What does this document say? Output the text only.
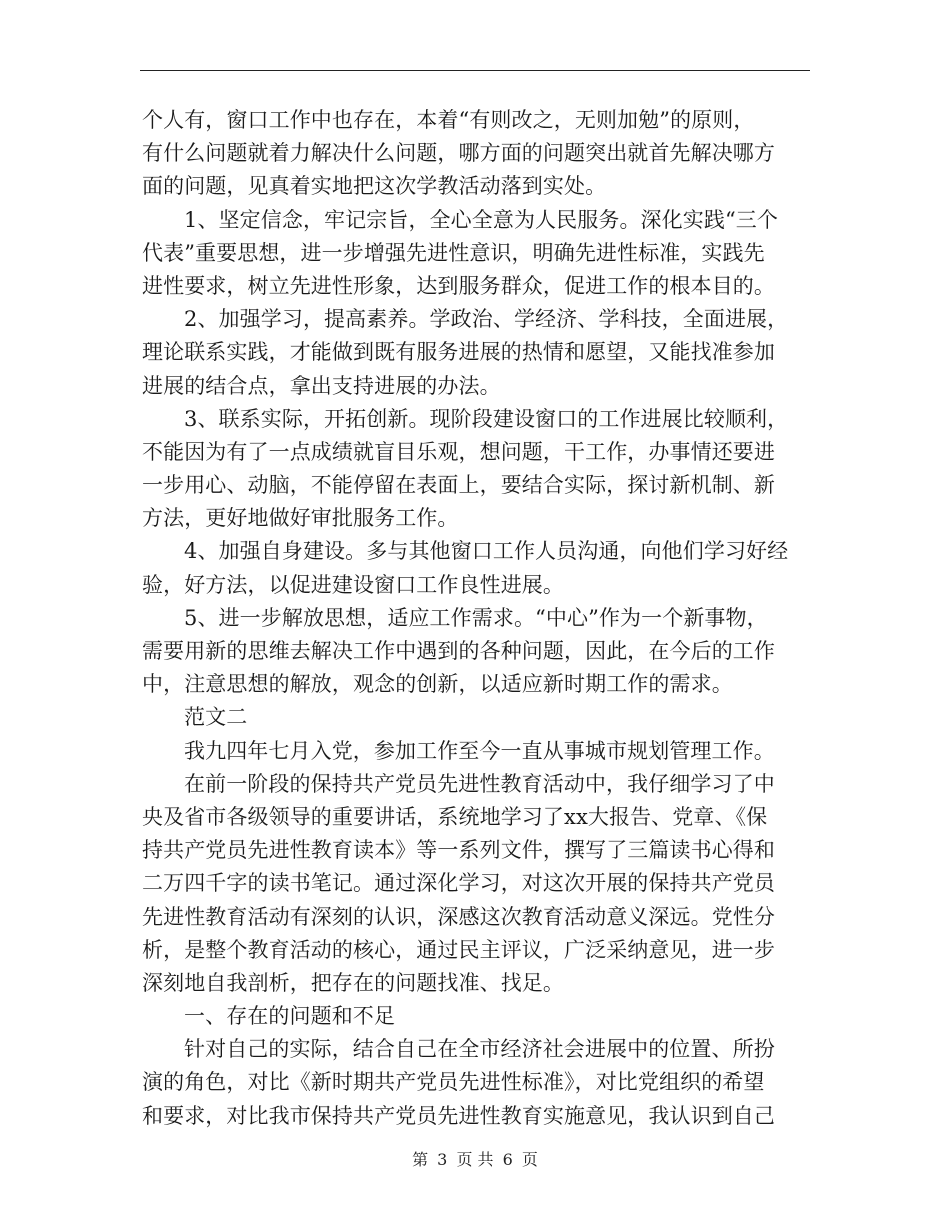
个人有，窗口工作中也存在，本着“有则改之，无则加勉”的原则，
有什么问题就着力解决什么问题，哪方面的问题突出就首先解决哪方
面的问题，见真着实地把这次学教活动落到实处。
1、坚定信念，牢记宗旨，全心全意为人民服务。深化实践“三个
代表”重要思想，进一步增强先进性意识，明确先进性标准，实践先
进性要求，树立先进性形象，达到服务群众，促进工作的根本目的。
2、加强学习，提高素养。学政治、学经济、学科技，全面进展，
理论联系实践，才能做到既有服务进展的热情和愿望，又能找准参加
进展的结合点，拿出支持进展的办法。
3、联系实际，开拓创新。现阶段建设窗口的工作进展比较顺利，
不能因为有了一点成绩就盲目乐观，想问题，干工作，办事情还要进
一步用心、动脑，不能停留在表面上，要结合实际，探讨新机制、新
方法，更好地做好审批服务工作。
4、加强自身建设。多与其他窗口工作人员沟通，向他们学习好经
验，好方法，以促进建设窗口工作良性进展。
5、进一步解放思想，适应工作需求。“中心”作为一个新事物，
需要用新的思维去解决工作中遇到的各种问题，因此，在今后的工作
中，注意思想的解放，观念的创新，以适应新时期工作的需求。
范文二
我九四年七月入党，参加工作至今一直从事城市规划管理工作。
在前一阶段的保持共产党员先进性教育活动中，我仔细学习了中
央及省市各级领导的重要讲话，系统地学习了xx大报告、党章、《保
持共产党员先进性教育读本》等一系列文件，撰写了三篇读书心得和
二万四千字的读书笔记。通过深化学习，对这次开展的保持共产党员
先进性教育活动有深刻的认识，深感这次教育活动意义深远。党性分
析，是整个教育活动的核心，通过民主评议，广泛采纳意见，进一步
深刻地自我剖析，把存在的问题找准、找足。
一、存在的问题和不足
针对自己的实际，结合自己在全市经济社会进展中的位置、所扮
演的角色，对比《新时期共产党员先进性标准》，对比党组织的希望
和要求，对比我市保持共产党员先进性教育实施意见，我认识到自己
第 3 页 共 6 页
